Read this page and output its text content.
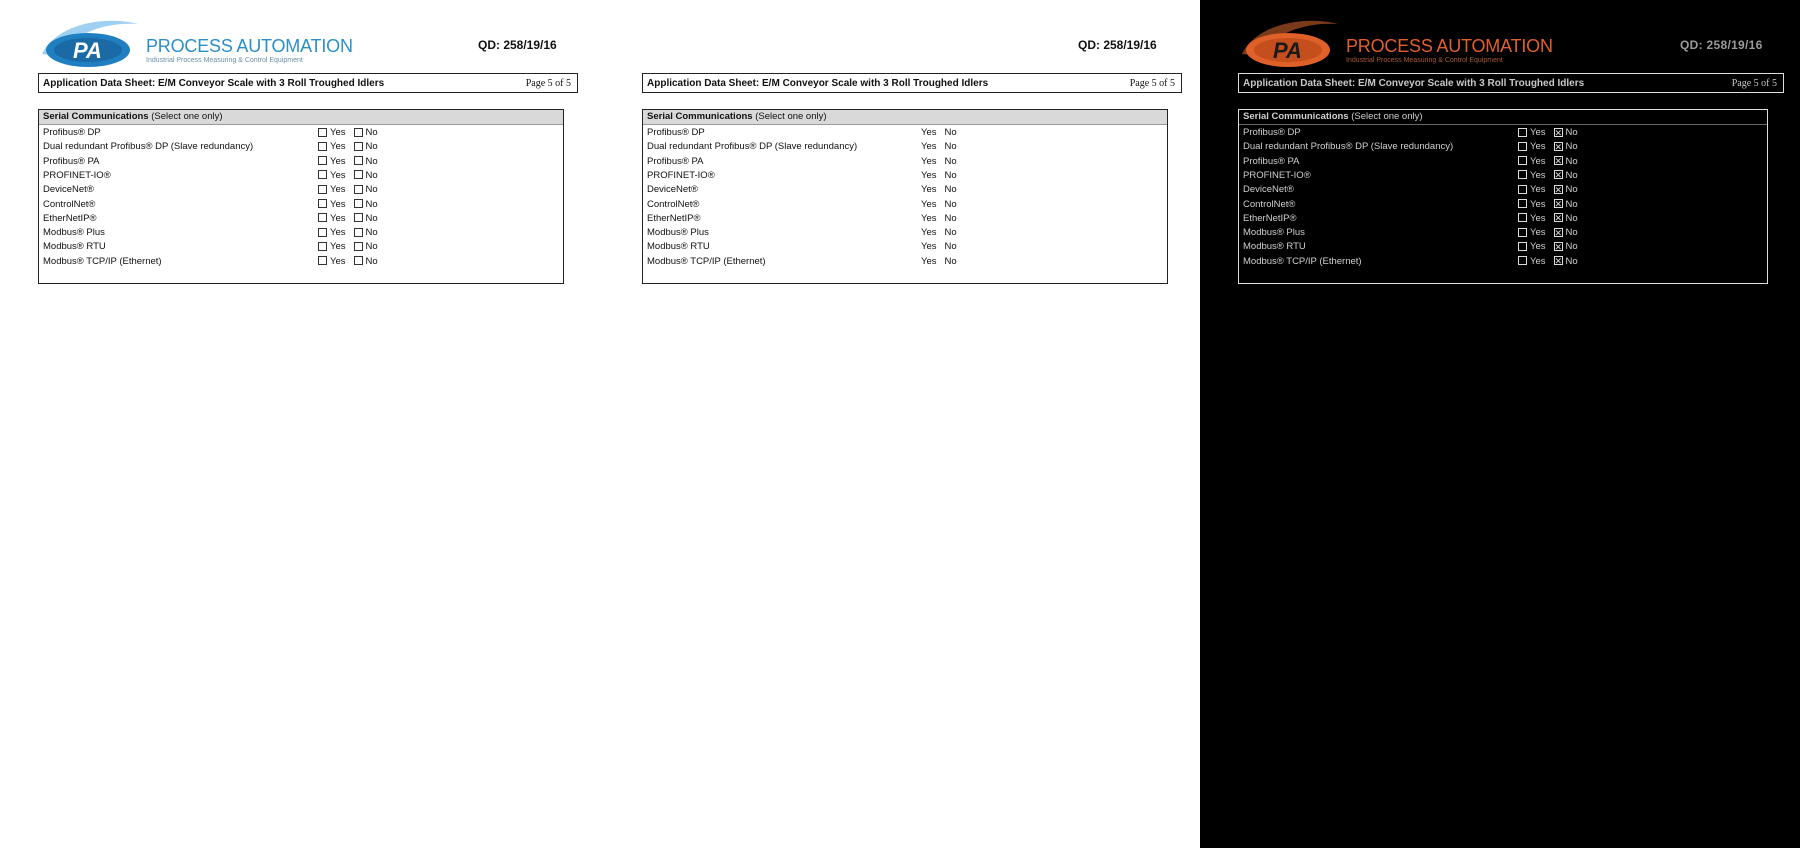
PA PROCESS AUTOMATION
Industrial Process Measuring & Control Equipment
QD: 258/19/16
Application Data Sheet: E/M Conveyor Scale with 3 Roll Troughed Idlers	Page 5 of 5
Serial Communications (Select one only)
Profibus® DP	Yes No
Dual redundant Profibus® DP (Slave redundancy)	Yes No
Profibus® PA	Yes No
PROFINET-IO®	Yes No
DeviceNet®	Yes No
ControlNet®	Yes No
EtherNetIP®	Yes No
Modbus® Plus	Yes No
Modbus® RTU	Yes No
Modbus® TCP/IP (Ethernet)	Yes No
QD: 258/19/16
Application Data Sheet: E/M Conveyor Scale with 3 Roll Troughed Idlers	Page 5 of 5
Serial Communications (Select one only)
Profibus® DP	Yes No
Dual redundant Profibus® DP (Slave redundancy)	Yes No
Profibus® PA	Yes No
PROFINET-IO®	Yes No
DeviceNet®	Yes No
ControlNet®	Yes No
EtherNetIP®	Yes No
Modbus® Plus	Yes No
Modbus® RTU	Yes No
Modbus® TCP/IP (Ethernet)	Yes No
PA PROCESS AUTOMATION
Industrial Process Measuring & Control Equipment
QD: 258/19/16
Application Data Sheet: E/M Conveyor Scale with 3 Roll Troughed Idlers	Page 5 of 5
Serial Communications (Select one only)
Profibus® DP	Yes ✕ No
Dual redundant Profibus® DP (Slave redundancy)	Yes ✕ No
Profibus® PA	Yes ✕ No
PROFINET-IO®	Yes ✕ No
DeviceNet®	Yes ✕ No
ControlNet®	Yes ✕ No
EtherNetIP®	Yes ✕ No
Modbus® Plus	Yes ✕ No
Modbus® RTU	Yes ✕ No
Modbus® TCP/IP (Ethernet)	Yes ✕ No
